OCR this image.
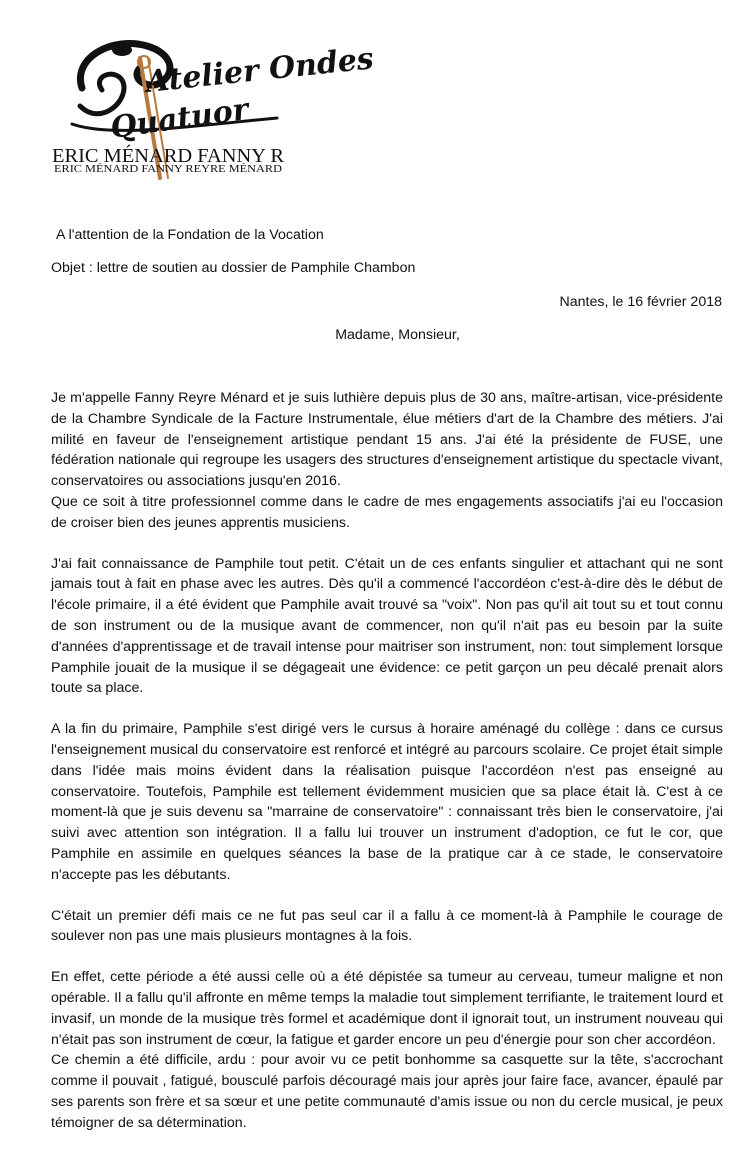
Atelier Ondes
Quatuor
ERIC MÉNARD FANNY R
ERIC MÉNARD FANNY REYRE MÉNARD
A l'attention de la Fondation de la Vocation
Objet : lettre de soutien au dossier de Pamphile Chambon
Nantes, le 16 février 2018
Madame, Monsieur,

Je m'appelle Fanny Reyre Ménard et je suis luthière depuis plus de 30 ans, maître-artisan, vice-présidente de la Chambre Syndicale de la Facture Instrumentale, élue métiers d'art de la Chambre des métiers. J'ai milité en faveur de l'enseignement artistique pendant 15 ans. J'ai été la présidente de FUSE, une fédération nationale qui regroupe les usagers des structures d'enseignement artistique du spectacle vivant, conservatoires ou associations jusqu'en 2016.

Que ce soit à titre professionnel comme dans le cadre de mes engagements associatifs j'ai eu l'occasion de croiser bien des jeunes apprentis musiciens.

J'ai fait connaissance de Pamphile tout petit. C'était un de ces enfants singulier et attachant qui ne sont jamais tout à fait en phase avec les autres. Dès qu'il a commencé l'accordéon c'est-à-dire dès le début de l'école primaire, il a été évident que Pamphile avait trouvé sa "voix". Non pas qu'il ait tout su et tout connu de son instrument ou de la musique avant de commencer, non qu'il n'ait pas eu besoin par la suite d'années d'apprentissage et de travail intense pour maitriser son instrument, non: tout simplement lorsque Pamphile jouait de la musique il se dégageait une évidence: ce petit garçon un peu décalé prenait alors toute sa place.

A la fin du primaire, Pamphile s'est dirigé vers le cursus à horaire aménagé du collège : dans ce cursus l'enseignement musical du conservatoire est renforcé et intégré au parcours scolaire. Ce projet était simple dans l'idée mais moins évident dans la réalisation puisque l'accordéon n'est pas enseigné au conservatoire. Toutefois, Pamphile est tellement évidemment musicien que sa place était là. C'est à ce moment-là que je suis devenu sa "marraine de conservatoire" : connaissant très bien le conservatoire, j'ai suivi avec attention son intégration. Il a fallu lui trouver un instrument d'adoption, ce fut le cor, que Pamphile en assimile en quelques séances la base de la pratique car à ce stade, le conservatoire n'accepte pas les débutants.

C'était un premier défi mais ce ne fut pas seul car il a fallu à ce moment-là à Pamphile le courage de soulever non pas une mais plusieurs montagnes à la fois.

En effet, cette période a été aussi celle où a été dépistée sa tumeur au cerveau, tumeur maligne et non opérable. Il a fallu qu'il affronte en même temps la maladie tout simplement terrifiante, le traitement lourd et invasif, un monde de la musique très formel et académique dont il ignorait tout, un instrument nouveau qui n'était pas son instrument de cœur, la fatigue et garder encore un peu d'énergie pour son cher accordéon.

Ce chemin a été difficile, ardu : pour avoir vu ce petit bonhomme sa casquette sur la tête, s'accrochant comme il pouvait , fatigué, bousculé parfois découragé mais jour après jour faire face, avancer, épaulé par ses parents son frère et sa sœur et une petite communauté d'amis issue ou non du cercle musical, je peux témoigner de sa détermination.
